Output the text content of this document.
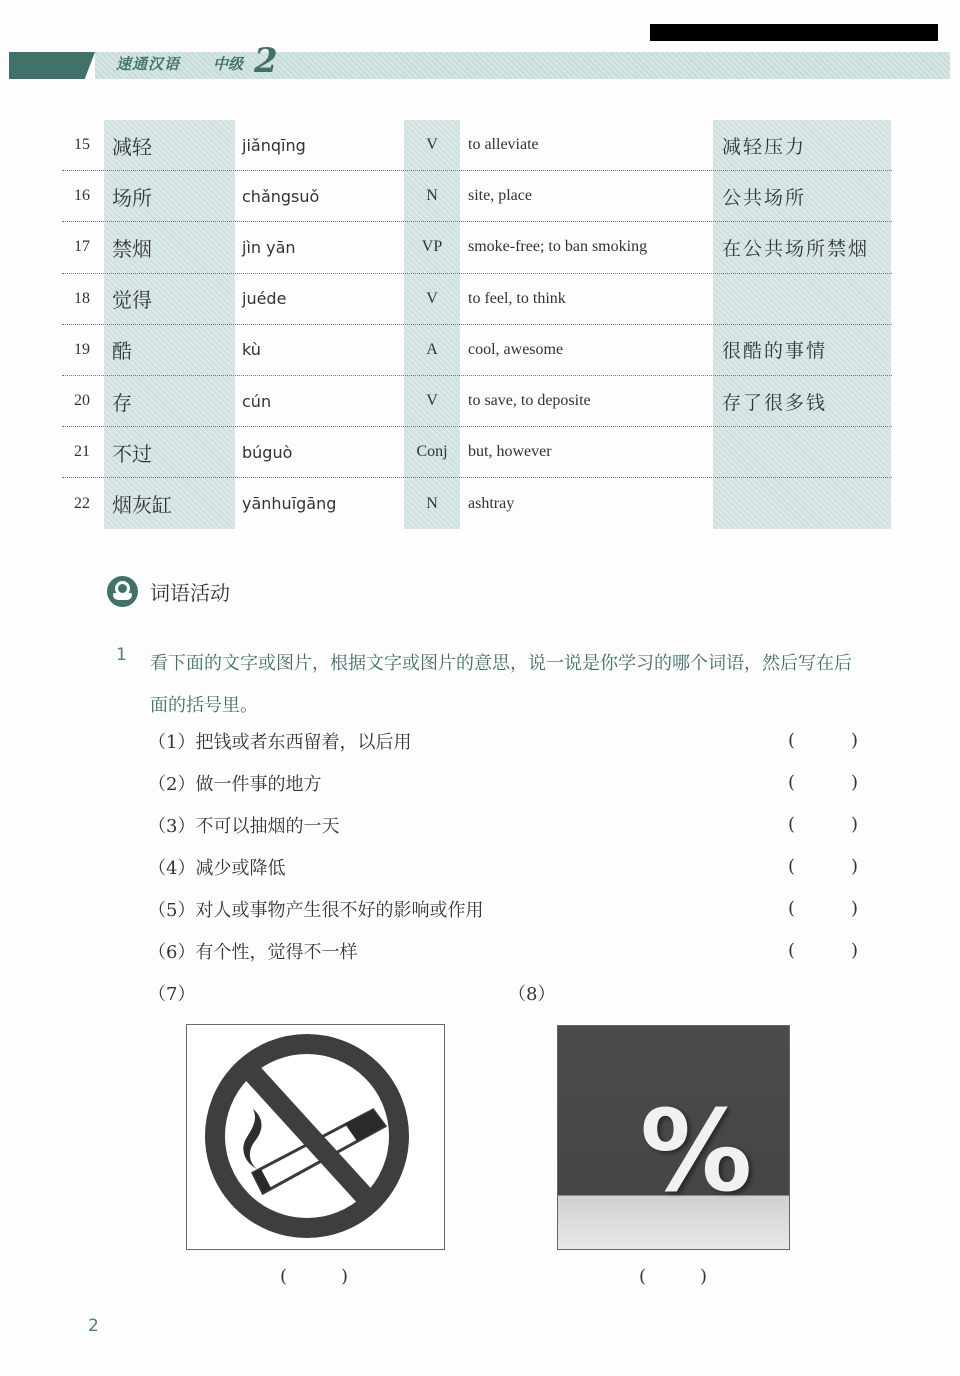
速通汉语 中级 2
15	减轻	jiǎnqīng	V	to alleviate	减轻压力
16	场所	chǎngsuǒ	N	site, place	公共场所
17	禁烟	jìn yān	VP	smoke-free; to ban smoking	在公共场所禁烟
18	觉得	juéde	V	to feel, to think
19	酷	kù	A	cool, awesome	很酷的事情
20	存	cún	V	to save, to deposite	存了很多钱
21	不过	búguò	Conj	but, however
22	烟灰缸	yānhuīgāng	N	ashtray
词语活动
1 看下面的文字或图片，根据文字或图片的意思，说一说是你学习的哪个词语，然后写在后面的括号里。
（1）把钱或者东西留着，以后用	(	)
（2）做一件事的地方	(	)
（3）不可以抽烟的一天	(	)
（4）减少或降低	(	)
（5）对人或事物产生很不好的影响或作用	(	)
（6）有个性，觉得不一样	(	)
（7）	（8）
(	)
%
(	)
2
